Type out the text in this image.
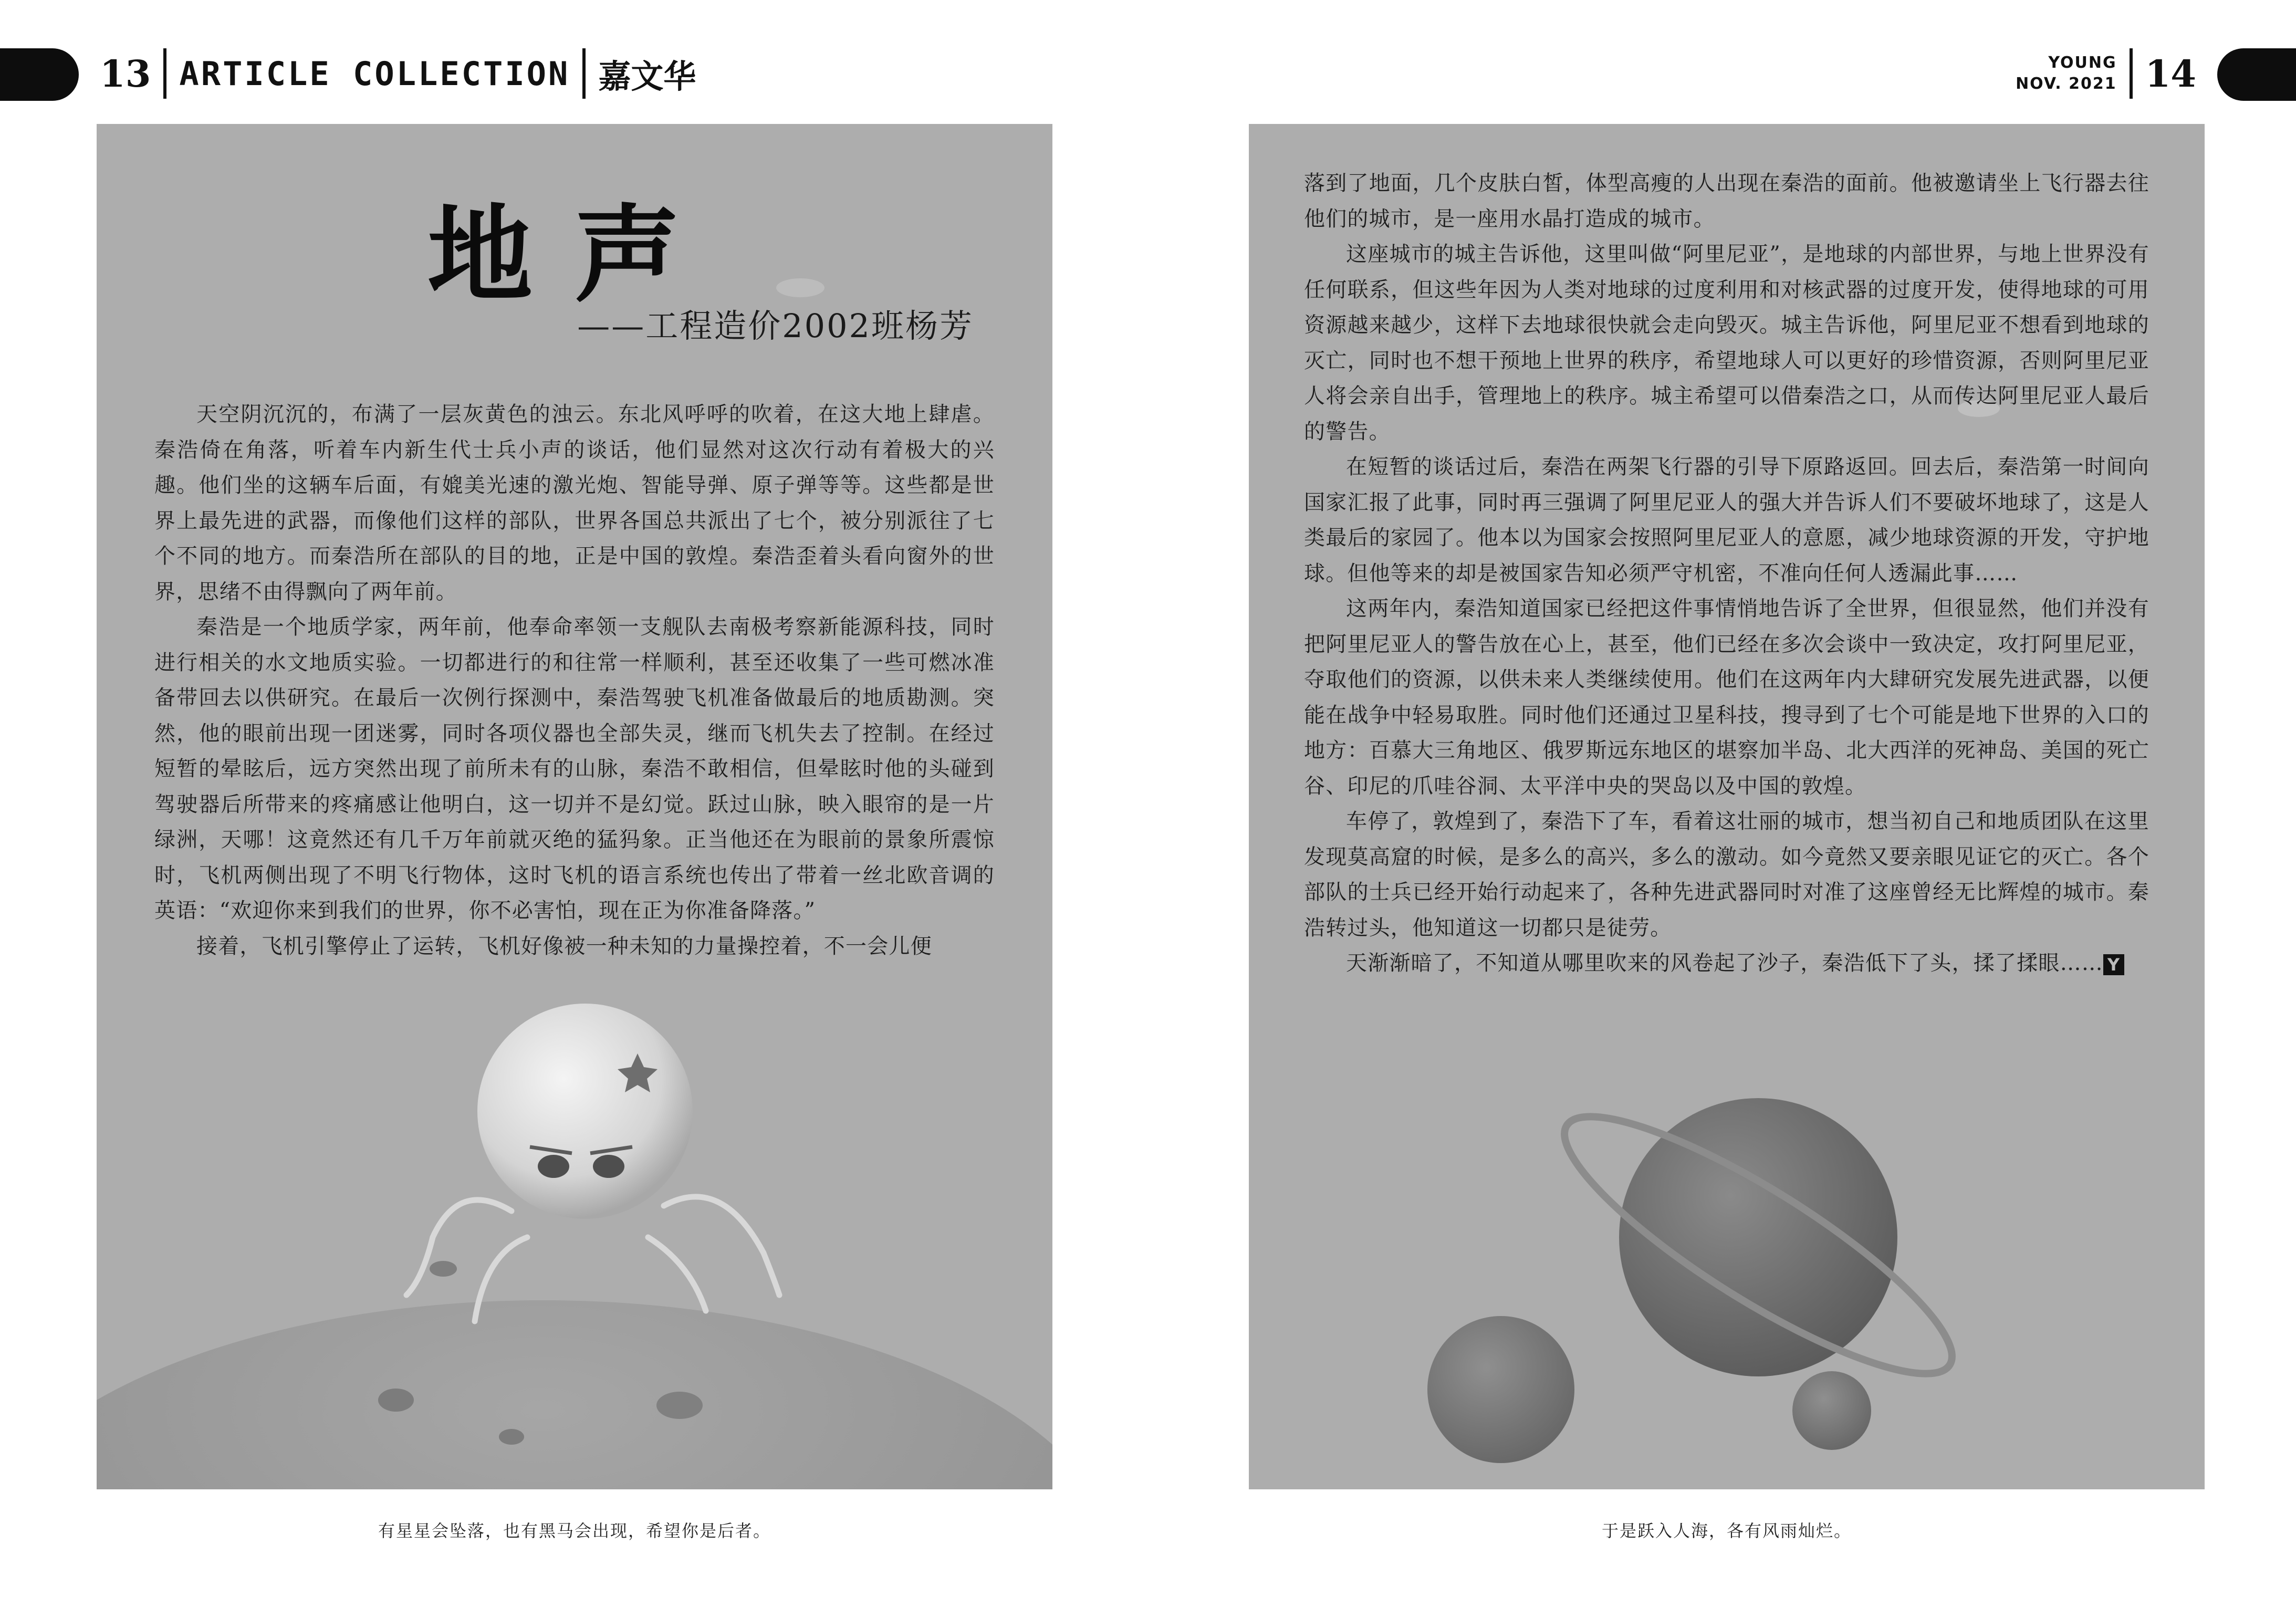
13 ARTICLE COLLECTION 嘉文华	YOUNG
NOV. 2021 14
地声
——工程造价2002班杨芳

天空阴沉沉的，布满了一层灰黄色的浊云。东北风呼呼的吹着，在这大地上肆虐。秦浩倚在角落，听着车内新生代士兵小声的谈话，他们显然对这次行动有着极大的兴趣。他们坐的这辆车后面，有媲美光速的激光炮、智能导弹、原子弹等等。这些都是世界上最先进的武器，而像他们这样的部队，世界各国总共派出了七个，被分别派往了七个不同的地方。而秦浩所在部队的目的地，正是中国的敦煌。秦浩歪着头看向窗外的世界，思绪不由得飘向了两年前。

秦浩是一个地质学家，两年前，他奉命率领一支舰队去南极考察新能源科技，同时进行相关的水文地质实验。一切都进行的和往常一样顺利，甚至还收集了一些可燃冰准备带回去以供研究。在最后一次例行探测中，秦浩驾驶飞机准备做最后的地质勘测。突然，他的眼前出现一团迷雾，同时各项仪器也全部失灵，继而飞机失去了控制。在经过短暂的晕眩后，远方突然出现了前所未有的山脉，秦浩不敢相信，但晕眩时他的头碰到驾驶器后所带来的疼痛感让他明白，这一切并不是幻觉。跃过山脉，映入眼帘的是一片绿洲，天哪！这竟然还有几千万年前就灭绝的猛犸象。正当他还在为眼前的景象所震惊时，飞机两侧出现了不明飞行物体，这时飞机的语言系统也传出了带着一丝北欧音调的英语：“欢迎你来到我们的世界，你不必害怕，现在正为你准备降落。”

接着，飞机引擎停止了运转，飞机好像被一种未知的力量操控着，不一会儿便

落到了地面，几个皮肤白皙，体型高瘦的人出现在秦浩的面前。他被邀请坐上飞行器去往他们的城市，是一座用水晶打造成的城市。

这座城市的城主告诉他，这里叫做“阿里尼亚”，是地球的内部世界，与地上世界没有任何联系，但这些年因为人类对地球的过度利用和对核武器的过度开发，使得地球的可用资源越来越少，这样下去地球很快就会走向毁灭。城主告诉他，阿里尼亚不想看到地球的灭亡，同时也不想干预地上世界的秩序，希望地球人可以更好的珍惜资源，否则阿里尼亚人将会亲自出手，管理地上的秩序。城主希望可以借秦浩之口，从而传达阿里尼亚人最后的警告。

在短暂的谈话过后，秦浩在两架飞行器的引导下原路返回。回去后，秦浩第一时间向国家汇报了此事，同时再三强调了阿里尼亚人的强大并告诉人们不要破坏地球了，这是人类最后的家园了。他本以为国家会按照阿里尼亚人的意愿，减少地球资源的开发，守护地球。但他等来的却是被国家告知必须严守机密，不准向任何人透漏此事……

这两年内，秦浩知道国家已经把这件事情悄地告诉了全世界，但很显然，他们并没有把阿里尼亚人的警告放在心上，甚至，他们已经在多次会谈中一致决定，攻打阿里尼亚，夺取他们的资源，以供未来人类继续使用。他们在这两年内大肆研究发展先进武器，以便能在战争中轻易取胜。同时他们还通过卫星科技，搜寻到了七个可能是地下世界的入口的地方：百慕大三角地区、俄罗斯远东地区的堪察加半岛、北大西洋的死神岛、美国的死亡谷、印尼的爪哇谷洞、太平洋中央的哭岛以及中国的敦煌。

车停了，敦煌到了，秦浩下了车，看着这壮丽的城市，想当初自己和地质团队在这里发现莫高窟的时候，是多么的高兴，多么的激动。如今竟然又要亲眼见证它的灭亡。各个部队的士兵已经开始行动起来了，各种先进武器同时对准了这座曾经无比辉煌的城市。秦浩转过头，他知道这一切都只是徒劳。

天渐渐暗了，不知道从哪里吹来的风卷起了沙子，秦浩低下了头，揉了揉眼…… Y

有星星会坠落，也有黑马会出现，希望你是后者。	于是跃入人海，各有风雨灿烂。
